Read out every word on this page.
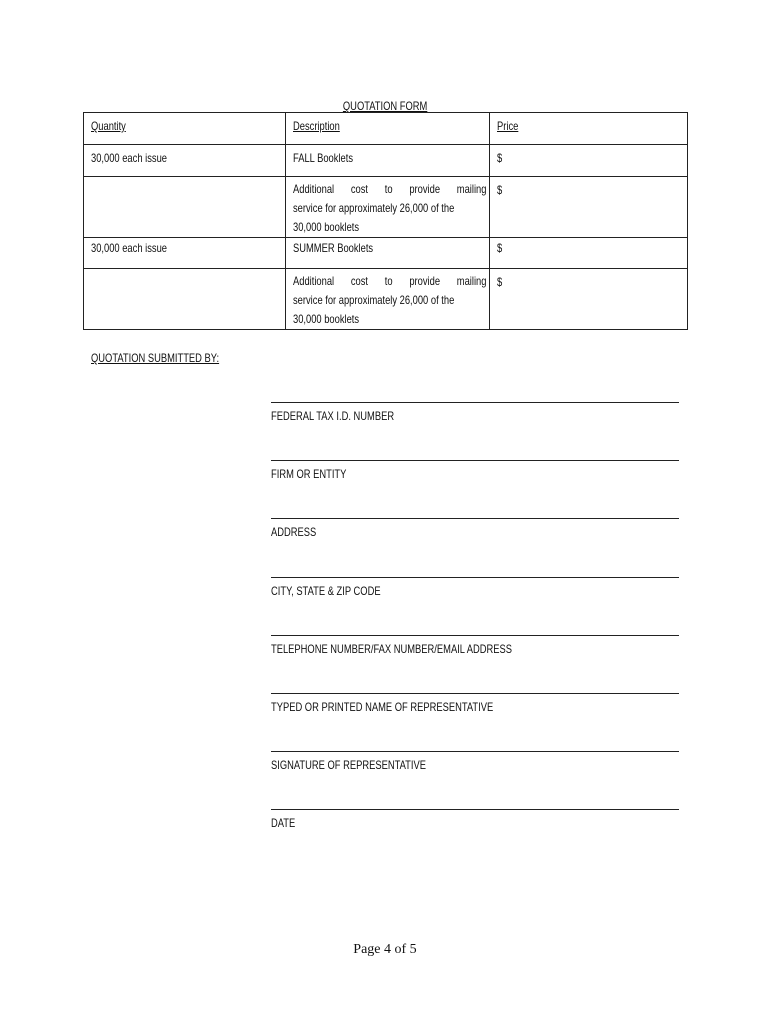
QUOTATION FORM
Quantity	Description	Price

30,000 each issue	FALL Booklets	$

	Additional cost to provide mailing
service for approximately 26,000 of the
30,000 booklets	$

30,000 each issue	SUMMER Booklets	$

	Additional cost to provide mailing
service for approximately 26,000 of the
30,000 booklets	$
QUOTATION SUBMITTED BY:
FEDERAL TAX I.D. NUMBER
FIRM OR ENTITY
ADDRESS
CITY, STATE & ZIP CODE
TELEPHONE NUMBER/FAX NUMBER/EMAIL ADDRESS
TYPED OR PRINTED NAME OF REPRESENTATIVE
SIGNATURE OF REPRESENTATIVE
DATE
Page 4 of 5
